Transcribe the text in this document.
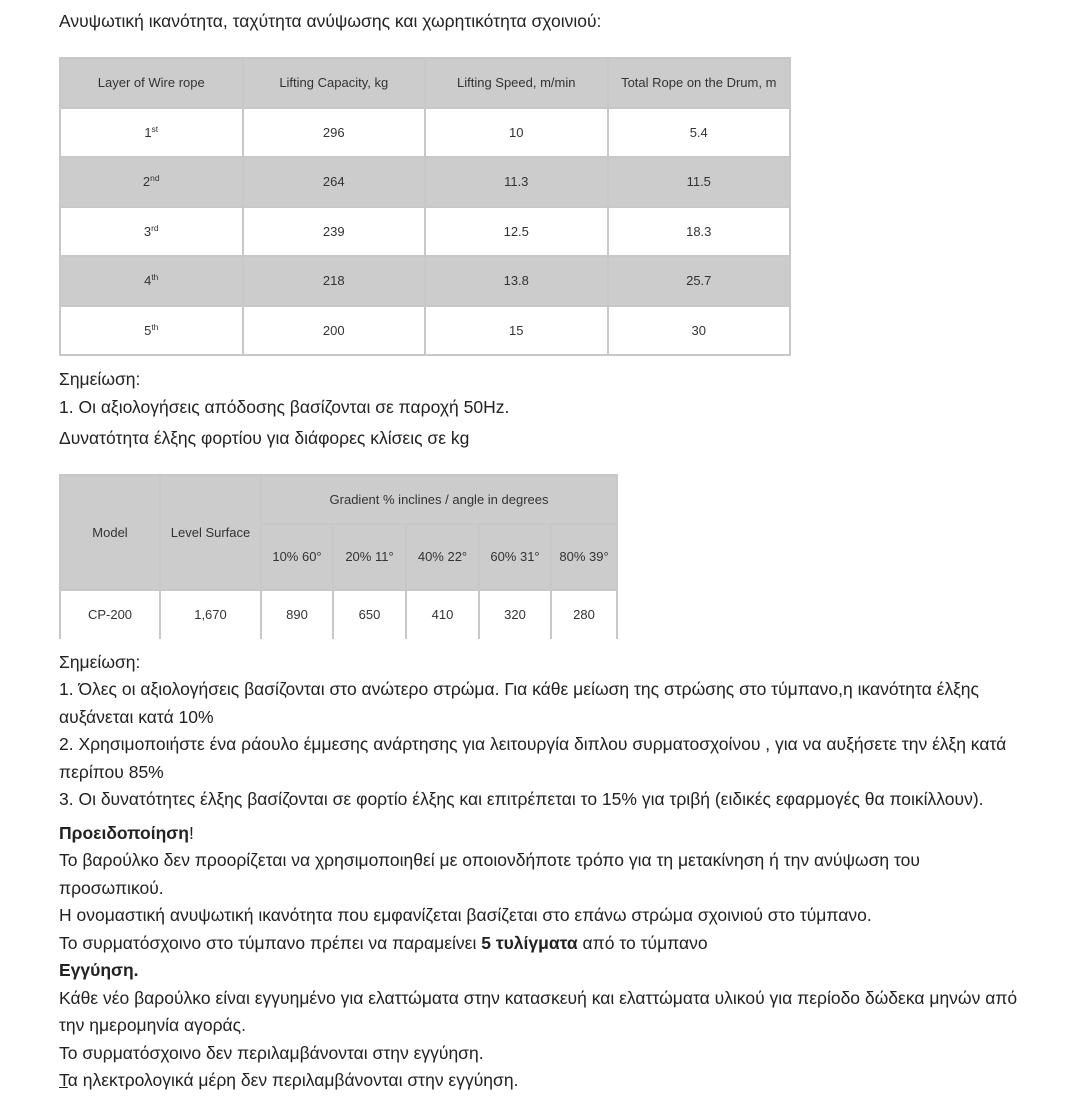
Ανυψωτική ικανότητα, ταχύτητα ανύψωσης και χωρητικότητα σχοινιού:

Layer of Wire rope	Lifting Capacity, kg	Lifting Speed, m/min	Total Rope on the Drum, m
1st	296	10	5.4
2nd	264	11.3	11.5
3rd	239	12.5	18.3
4th	218	13.8	25.7
5th	200	15	30

Σημείωση:

1. Οι αξιολογήσεις απόδοσης βασίζονται σε παροχή 50Hz.

Δυνατότητα έλξης φορτίου για διάφορες κλίσεις σε kg

Model	Level Surface	Gradient % inclines / angle in degrees				
		10% 60°	20% 11°	40% 22°	60% 31°	80% 39°
CP-200	1,670	890	650	410	320	280

Σημείωση:

1. Όλες οι αξιολογήσεις βασίζονται στο ανώτερο στρώμα. Για κάθε μείωση της στρώσης στο τύμπανο,η ικανότητα έλξης αυξάνεται κατά 10%

2. Χρησιμοποιήστε ένα ράουλο έμμεσης ανάρτησης για λειτουργία διπλου συρματοσχοίνου , για να αυξήσετε την έλξη κατά περίπου 85%

3. Οι δυνατότητες έλξης βασίζονται σε φορτίο έλξης και επιτρέπεται το 15% για τριβή (ειδικές εφαρμογές θα ποικίλλουν).

Προειδοποίηση!

Το βαρούλκο δεν προορίζεται να χρησιμοποιηθεί με οποιονδήποτε τρόπο για τη μετακίνηση ή την ανύψωση του προσωπικού.

Η ονομαστική ανυψωτική ικανότητα που εμφανίζεται βασίζεται στο επάνω στρώμα σχοινιού στο τύμπανο.

Το συρματόσχοινο στο τύμπανο πρέπει να παραμείνει 5 τυλίγματα από το τύμπανο

Εγγύηση.

Κάθε νέο βαρούλκο είναι εγγυημένο για ελαττώματα στην κατασκευή και ελαττώματα υλικού για περίοδο δώδεκα μηνών από την ημερομηνία αγοράς.

Το συρματόσχοινο δεν περιλαμβάνονται στην εγγύηση.

Τα ηλεκτρολογικά μέρη δεν περιλαμβάνονται στην εγγύηση.
